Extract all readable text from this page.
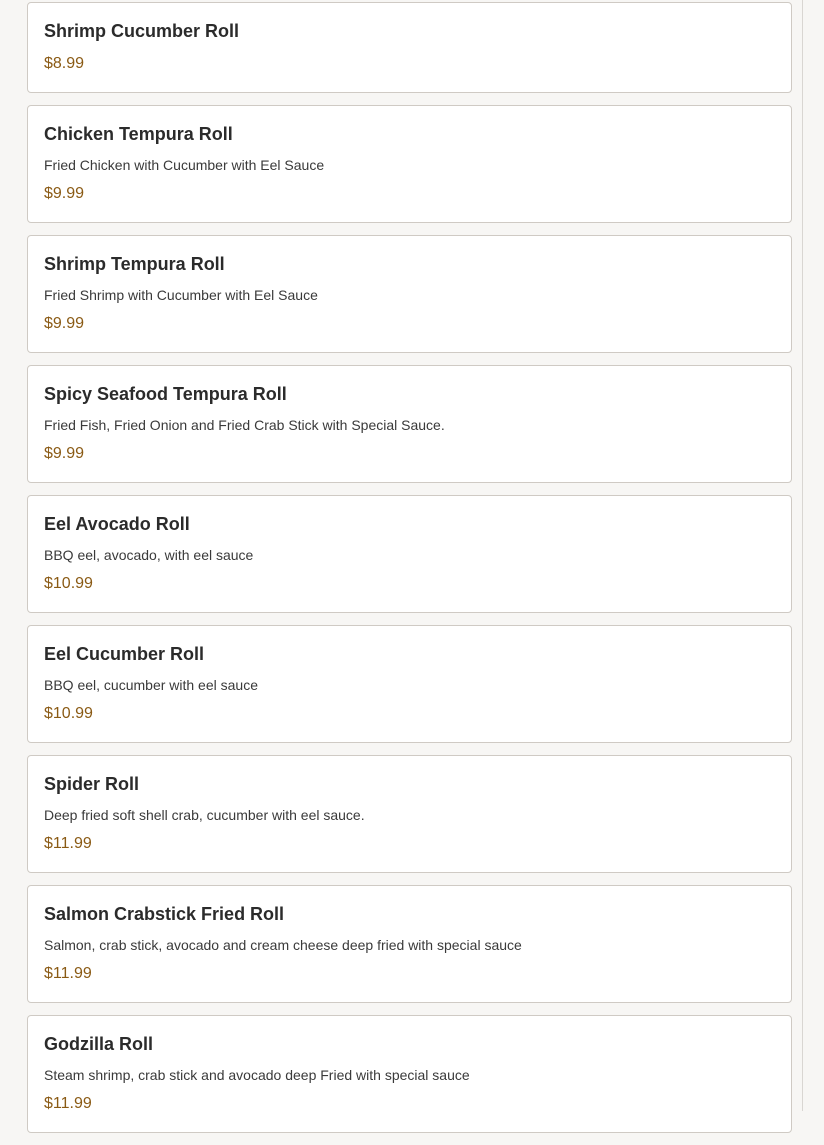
Shrimp Cucumber Roll
$8.99
Chicken Tempura Roll
Fried Chicken with Cucumber with Eel Sauce
$9.99
Shrimp Tempura Roll
Fried Shrimp with Cucumber with Eel Sauce
$9.99
Spicy Seafood Tempura Roll
Fried Fish, Fried Onion and Fried Crab Stick with Special Sauce.
$9.99
Eel Avocado Roll
BBQ eel, avocado, with eel sauce
$10.99
Eel Cucumber Roll
BBQ eel, cucumber with eel sauce
$10.99
Spider Roll
Deep fried soft shell crab, cucumber with eel sauce.
$11.99
Salmon Crabstick Fried Roll
Salmon, crab stick, avocado and cream cheese deep fried with special sauce
$11.99
Godzilla Roll
Steam shrimp, crab stick and avocado deep Fried with special sauce
$11.99
